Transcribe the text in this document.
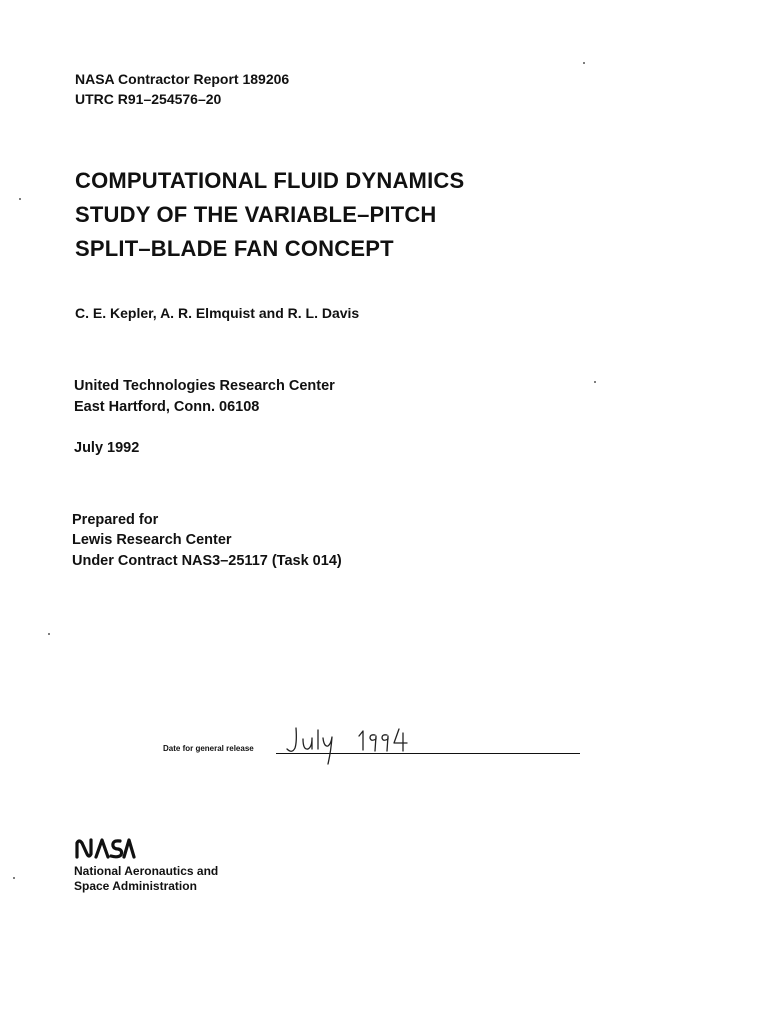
NASA Contractor Report 189206
UTRC R91–254576–20
COMPUTATIONAL FLUID DYNAMICS
STUDY OF THE VARIABLE–PITCH
SPLIT–BLADE FAN CONCEPT
C. E. Kepler, A. R. Elmquist and R. L. Davis
United Technologies Research Center
East Hartford, Conn. 06108
July 1992
Prepared for
Lewis Research Center
Under Contract NAS3–25117 (Task 014)
Date for general release
National Aeronautics and
Space Administration
